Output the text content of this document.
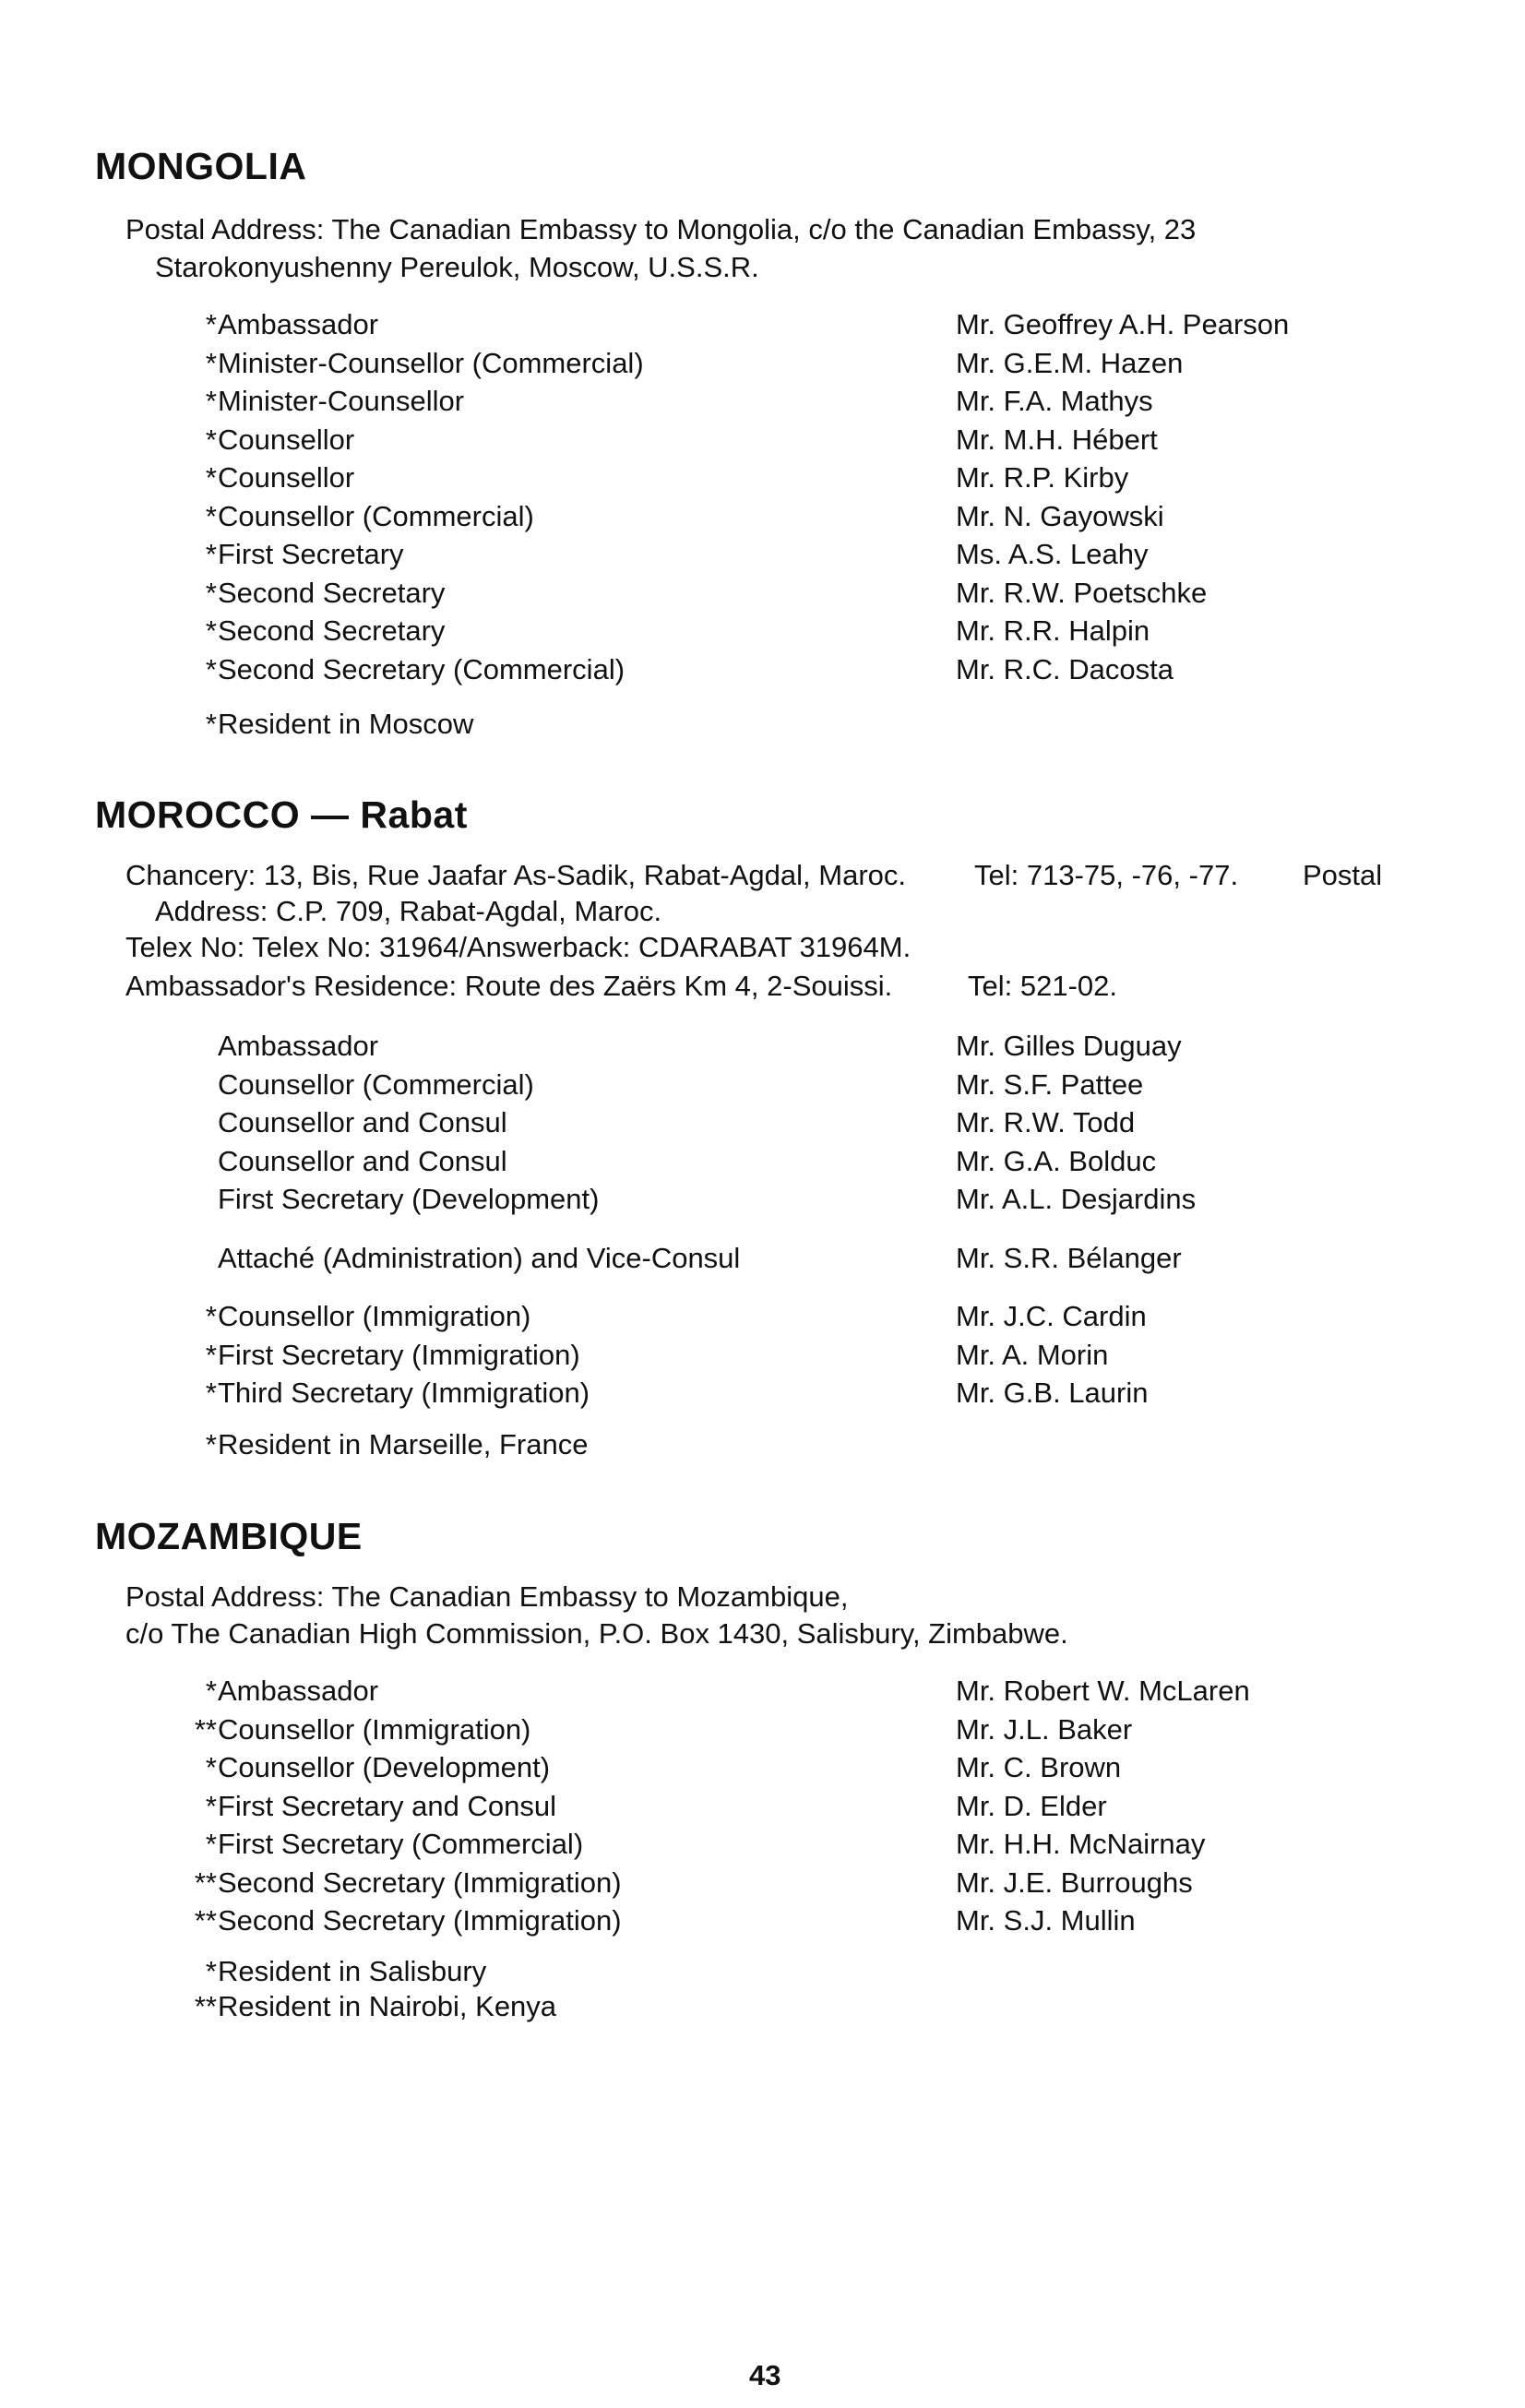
MONGOLIA
Postal Address: The Canadian Embassy to Mongolia, c/o the Canadian Embassy, 23
Starokonyushenny Pereulok, Moscow, U.S.S.R.
* Ambassador	Mr. Geoffrey A.H. Pearson
* Minister-Counsellor (Commercial)	Mr. G.E.M. Hazen
* Minister-Counsellor	Mr. F.A. Mathys
* Counsellor	Mr. M.H. Hébert
* Counsellor	Mr. R.P. Kirby
* Counsellor (Commercial)	Mr. N. Gayowski
* First Secretary	Ms. A.S. Leahy
* Second Secretary	Mr. R.W. Poetschke
* Second Secretary	Mr. R.R. Halpin
* Second Secretary (Commercial)	Mr. R.C. Dacosta
* Resident in Moscow
MOROCCO — Rabat
Chancery: 13, Bis, Rue Jaafar As-Sadik, Rabat-Agdal, Maroc. Tel: 713-75, -76, -77. Postal
Address: C.P. 709, Rabat-Agdal, Maroc.
Telex No: Telex No: 31964/Answerback: CDARABAT 31964M.
Ambassador's Residence: Route des Zaërs Km 4, 2-Souissi.	Tel: 521-02.
Ambassador	Mr. Gilles Duguay
Counsellor (Commercial)	Mr. S.F. Pattee
Counsellor and Consul	Mr. R.W. Todd
Counsellor and Consul	Mr. G.A. Bolduc
First Secretary (Development)	Mr. A.L. Desjardins
Attaché (Administration) and Vice-Consul	Mr. S.R. Bélanger
* Counsellor (Immigration)	Mr. J.C. Cardin
* First Secretary (Immigration)	Mr. A. Morin
* Third Secretary (Immigration)	Mr. G.B. Laurin
* Resident in Marseille, France
MOZAMBIQUE
Postal Address: The Canadian Embassy to Mozambique,
c/o The Canadian High Commission, P.O. Box 1430, Salisbury, Zimbabwe.
* Ambassador	Mr. Robert W. McLaren
** Counsellor (Immigration)	Mr. J.L. Baker
* Counsellor (Development)	Mr. C. Brown
* First Secretary and Consul	Mr. D. Elder
* First Secretary (Commercial)	Mr. H.H. McNairnay
** Second Secretary (Immigration)	Mr. J.E. Burroughs
** Second Secretary (Immigration)	Mr. S.J. Mullin
* Resident in Salisbury
** Resident in Nairobi, Kenya
43
